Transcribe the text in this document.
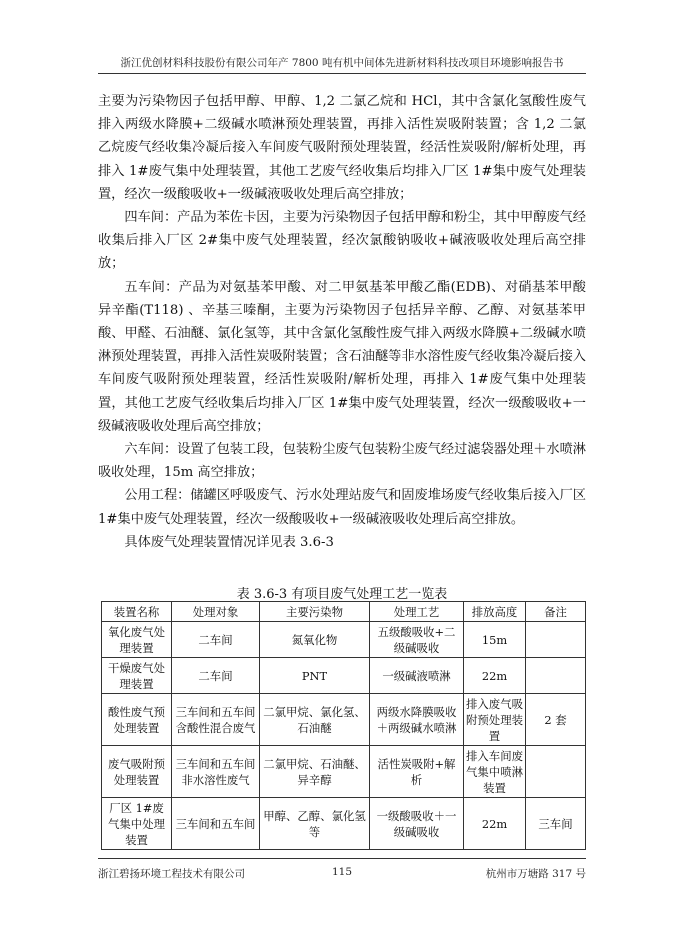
浙江优创材料科技股份有限公司年产 7800 吨有机中间体先进新材料科技改项目环境影响报告书

主要为污染物因子包括甲醇、甲醇、1,2 二氯乙烷和 HCl，其中含氯化氢酸性废气排入两级水降膜+二级碱水喷淋预处理装置，再排入活性炭吸附装置；含 1,2 二氯乙烷废气经收集冷凝后接入车间废气吸附预处理装置，经活性炭吸附/解析处理，再排入 1#废气集中处理装置，其他工艺废气经收集后均排入厂区 1#集中废气处理装置，经次一级酸吸收+一级碱液吸收处理后高空排放；

四车间：产品为苯佐卡因，主要为污染物因子包括甲醇和粉尘，其中甲醇废气经收集后排入厂区 2#集中废气处理装置，经次氯酸钠吸收+碱液吸收处理后高空排放；

五车间：产品为对氨基苯甲酸、对二甲氨基苯甲酸乙酯(EDB)、对硝基苯甲酸异辛酯(T118) 、辛基三嗪酮，主要为污染物因子包括异辛醇、乙醇、对氨基苯甲酸、甲醛、石油醚、氯化氢等，其中含氯化氢酸性废气排入两级水降膜+二级碱水喷淋预处理装置，再排入活性炭吸附装置；含石油醚等非水溶性废气经收集冷凝后接入车间废气吸附预处理装置，经活性炭吸附/解析处理，再排入 1#废气集中处理装置，其他工艺废气经收集后均排入厂区 1#集中废气处理装置，经次一级酸吸收+一级碱液吸收处理后高空排放；

六车间：设置了包装工段，包装粉尘废气包装粉尘废气经过滤袋器处理＋水喷淋吸收处理，15m 高空排放；

公用工程：储罐区呼吸废气、污水处理站废气和固废堆场废气经收集后接入厂区 1#集中废气处理装置，经次一级酸吸收+一级碱液吸收处理后高空排放。

具体废气处理装置情况详见表 3.6-3

表 3.6-3 有项目废气处理工艺一览表
装置名称	处理对象	主要污染物	处理工艺	排放高度	备注
氧化废气处理装置	二车间	氮氧化物	五级酸吸收+二级碱吸收	15m	
干燥废气处理装置	二车间	PNT	一级碱液喷淋	22m	
酸性废气预处理装置	三车间和五车间含酸性混合废气	二氯甲烷、氯化氢、石油醚	两级水降膜吸收＋两级碱水喷淋	排入废气吸附预处理装置	2 套
废气吸附预处理装置	三车间和五车间非水溶性废气	二氯甲烷、石油醚、异辛醇	活性炭吸附+解析	排入车间废气集中喷淋装置	
厂区 1#废气集中处理装置	三车间和五车间	甲醇、乙醇、氯化氢等	一级酸吸收＋一级碱吸收	22m	三车间
浙江碧扬环境工程技术有限公司	115	杭州市万塘路 317 号
